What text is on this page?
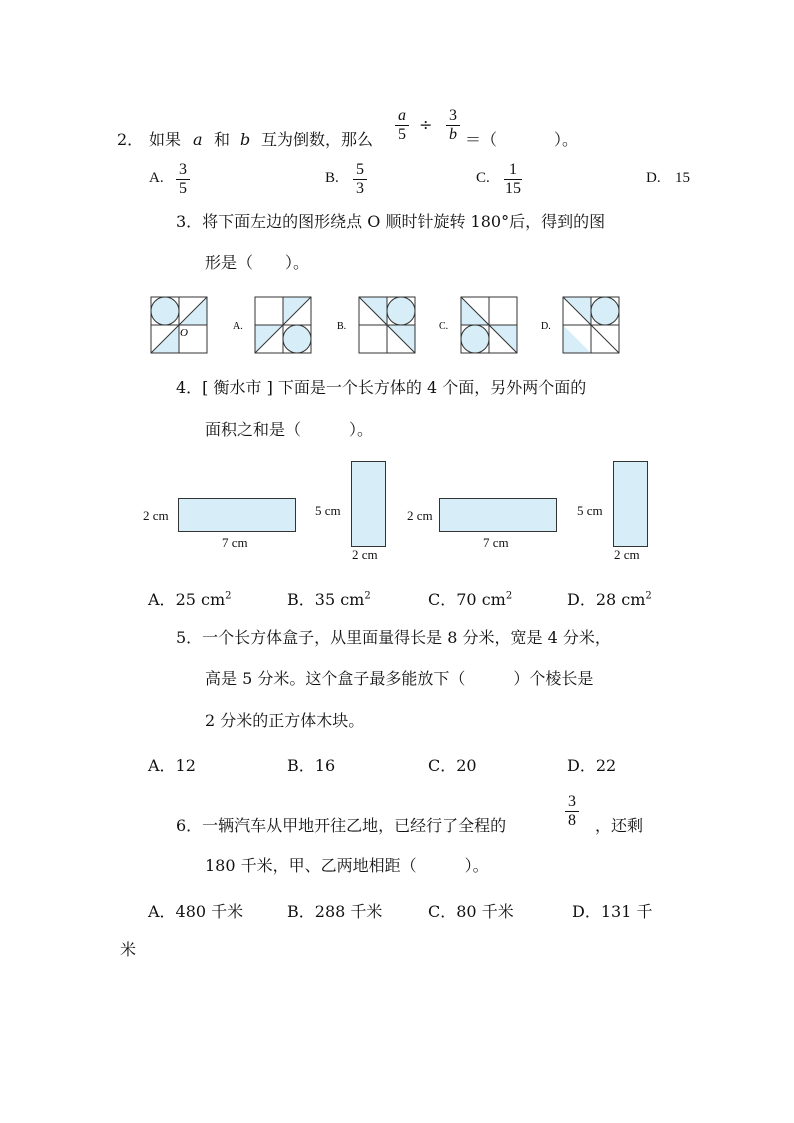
2． 如果 a 和 b 互为倒数，那么
a
5
÷ 3
b ＝（	）。
A. 3
5
B. 5
3
C.	1
15
D. 15
3．将下面左边的图形绕点 O 顺时针旋转 180°后，得到的图
形是（　　）。
O
A.	B.	C.	D.
4．[ 衡水市 ] 下面是一个长方体的 4 个面，另外两个面的
面积之和是（　　　）。
2 cm
7 cm
5 cm
2 cm
2 cm
7 cm
5 cm
2 cm
A．25 $cm^2$	B．35 $cm^2$	C．70 $cm^2$	D．28 $cm^2$
5．一个长方体盒子，从里面量得长是 8 分米，宽是 4 分米，
高是 5 分米。这个盒子最多能放下（　　　）个棱长是
2 分米的正方体木块。
A．12	B．16	C．20	D．22
6．一辆汽车从甲地开往乙地，已经行了全程的
3
8 ，还剩
180 千米，甲、乙两地相距（　　　）。
A．480 千米	B．288 千米	C．80 千米	D．131 千
米
